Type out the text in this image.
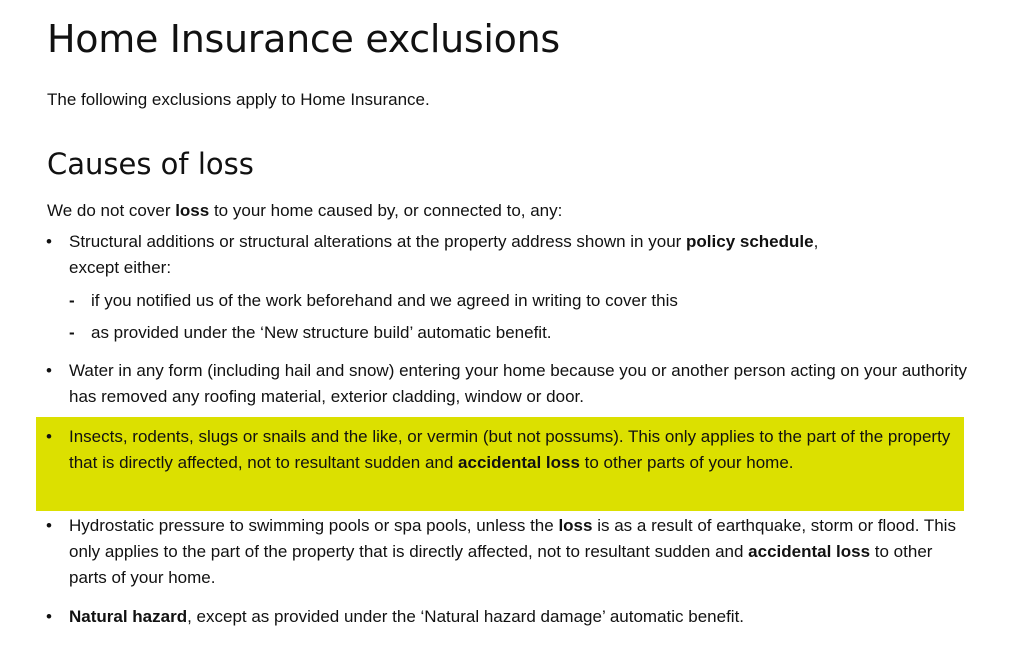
Home Insurance exclusions

The following exclusions apply to Home Insurance.

Causes of loss

We do not cover loss to your home caused by, or connected to, any:

• Structural additions or structural alterations at the property address shown in your policy schedule,
except either:

- if you notified us of the work beforehand and we agreed in writing to cover this

- as provided under the ‘New structure build’ automatic benefit.

• Water in any form (including hail and snow) entering your home because you or another person acting on your authority has removed any roofing material, exterior cladding, window or door.

• Insects, rodents, slugs or snails and the like, or vermin (but not possums). This only applies to the part of the property that is directly affected, not to resultant sudden and accidental loss to other parts of your home.

• Hydrostatic pressure to swimming pools or spa pools, unless the loss is as a result of earthquake, storm or flood. This only applies to the part of the property that is directly affected, not to resultant sudden and accidental loss to other parts of your home.

• Natural hazard, except as provided under the ‘Natural hazard damage’ automatic benefit.
